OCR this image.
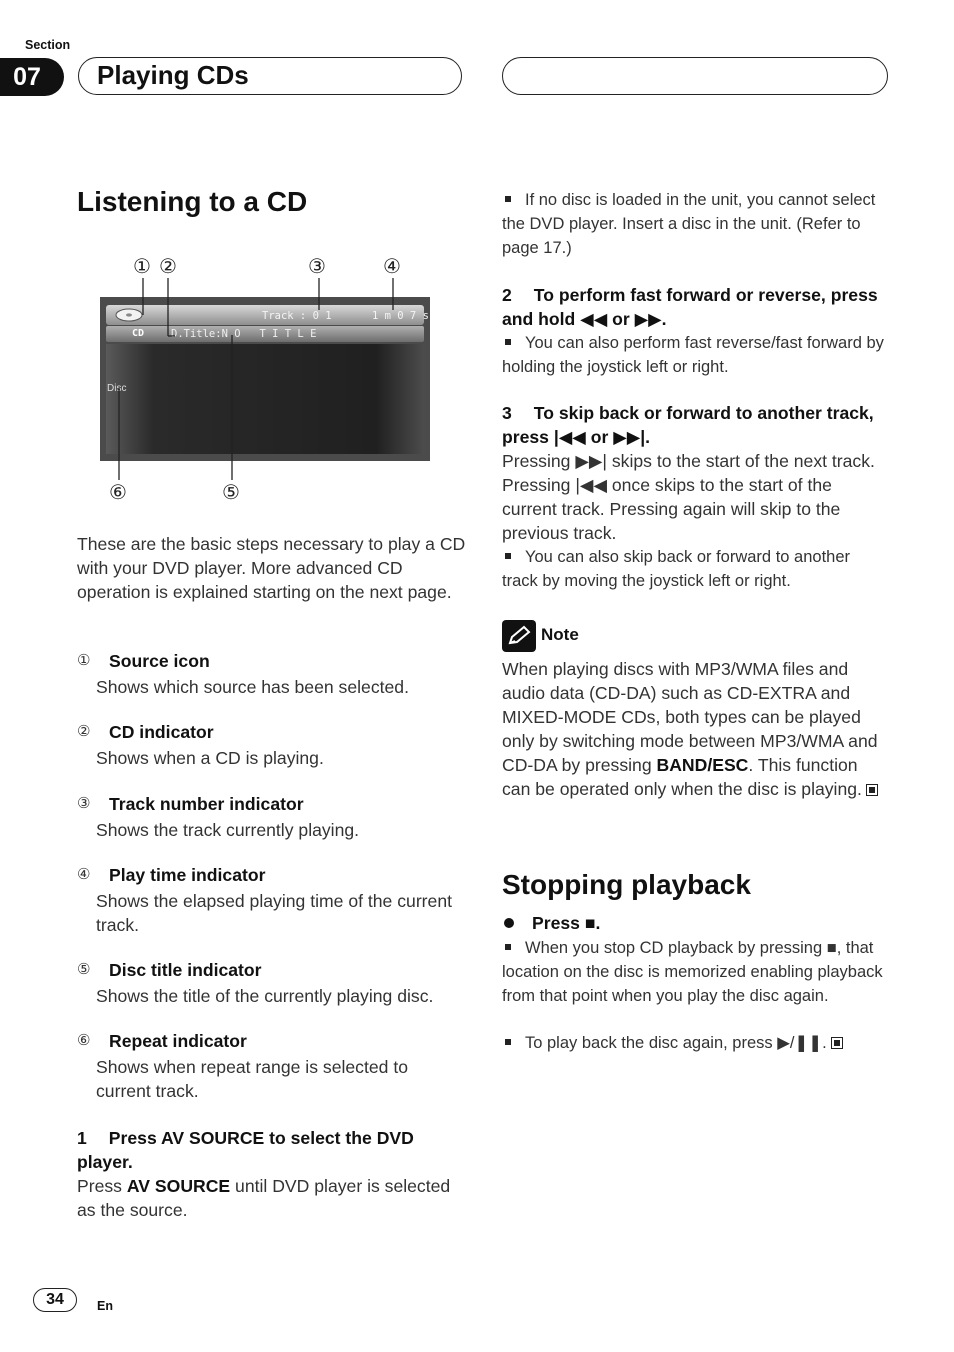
Section
07	Playing CDs
Listening to a CD
① ②	③	④
⑥	⑤
Track : 0 1	1 m 0 7 s
CD	D.Title:N O   T I T L E
Disc
These are the basic steps necessary to play a CD with your DVD player. More advanced CD operation is explained starting on the next page.
① Source icon
Shows which source has been selected.
② CD indicator
Shows when a CD is playing.
③ Track number indicator
Shows the track currently playing.
④ Play time indicator
Shows the elapsed playing time of the current track.
⑤ Disc title indicator
Shows the title of the currently playing disc.
⑥ Repeat indicator
Shows when repeat range is selected to current track.
1 Press AV SOURCE to select the DVD player.
Press AV SOURCE until DVD player is selected as the source.
If no disc is loaded in the unit, you cannot select the DVD player. Insert a disc in the unit. (Refer to page 17.)
2 To perform fast forward or reverse, press and hold ◀◀ or ▶▶.
You can also perform fast reverse/fast forward by holding the joystick left or right.
3 To skip back or forward to another track, press |◀◀ or ▶▶|.
Pressing ▶▶| skips to the start of the next track. Pressing |◀◀ once skips to the start of the current track. Pressing again will skip to the previous track.
You can also skip back or forward to another track by moving the joystick left or right.
Note
When playing discs with MP3/WMA files and audio data (CD-DA) such as CD-EXTRA and MIXED-MODE CDs, both types can be played only by switching mode between MP3/WMA and CD-DA by pressing BAND/ESC. This function can be operated only when the disc is playing.
Stopping playback
Press ■.
When you stop CD playback by pressing ■, that location on the disc is memorized enabling playback from that point when you play the disc again.
To play back the disc again, press ▶/❚❚.
34	En
